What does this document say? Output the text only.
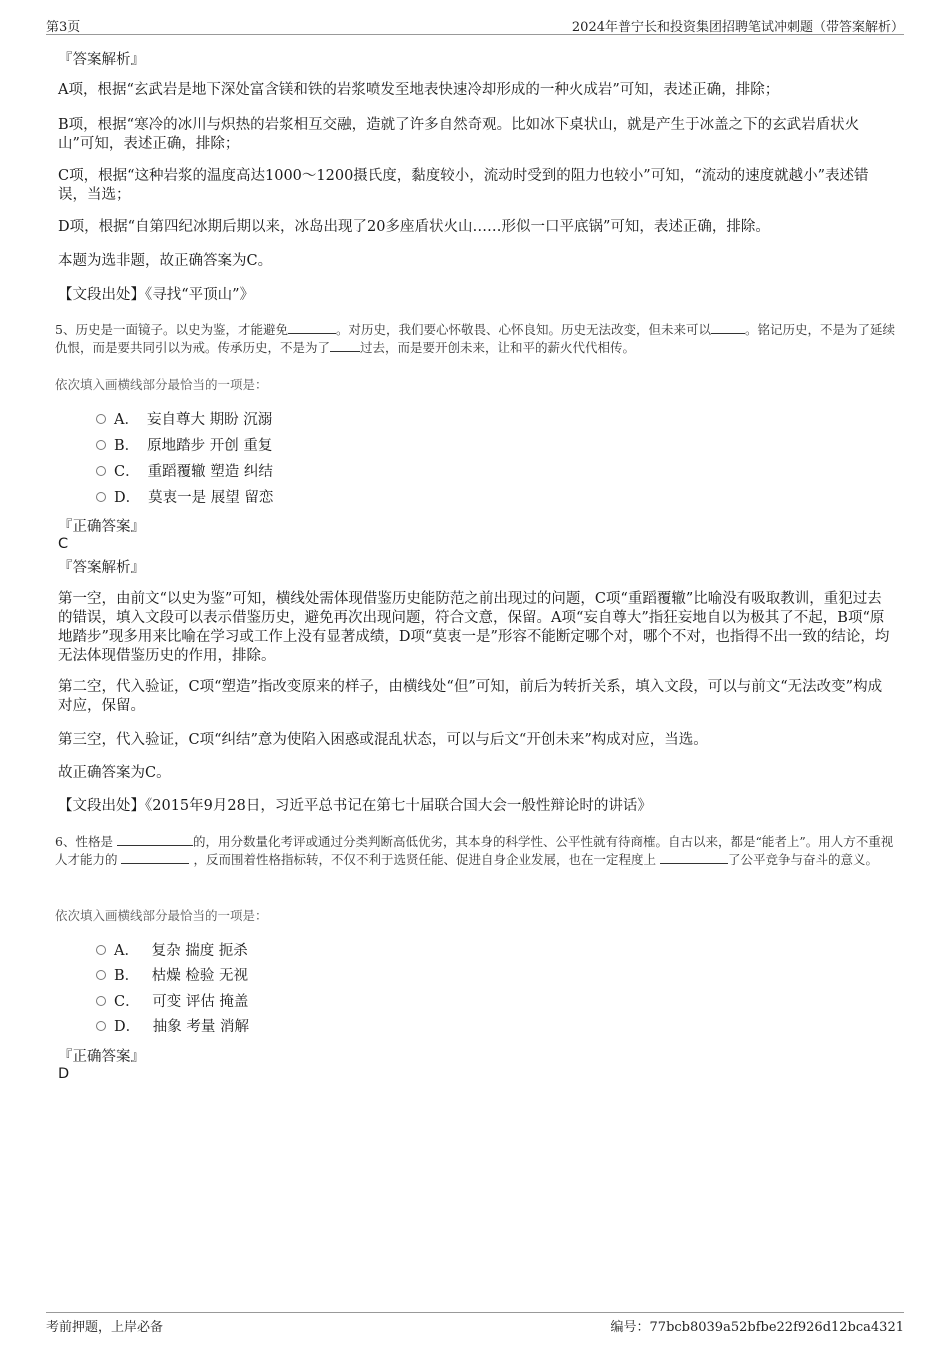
第3页	2024年普宁长和投资集团招聘笔试冲刺题（带答案解析）
『答案解析』

A项，根据“玄武岩是地下深处富含镁和铁的岩浆喷发至地表快速冷却形成的一种火成岩”可知，表述正确，排除；

B项，根据“寒冷的冰川与炽热的岩浆相互交融，造就了许多自然奇观。比如冰下桌状山，就是产生于冰盖之下的玄武岩盾状火山”可知，表述正确，排除；

C项，根据“这种岩浆的温度高达1000～1200摄氏度，黏度较小，流动时受到的阻力也较小”可知，“流动的速度就越小”表述错误，当选；

D项，根据“自第四纪冰期后期以来，冰岛出现了20多座盾状火山……形似一口平底锅”可知，表述正确，排除。

本题为选非题，故正确答案为C。

【文段出处】《寻找“平顶山”》

5、历史是一面镜子。以史为鉴，才能避免	。对历史，我们要心怀敬畏、心怀良知。历史无法改变，但未来可以	。铭记历史，不是为了延续仇恨，而是要共同引以为戒。传承历史，不是为了 过去，而是要开创未来，让和平的薪火代代相传。

依次填入画横线部分最恰当的一项是：
A． 妄自尊大 期盼 沉溺
B． 原地踏步 开创 重复
C． 重蹈覆辙 塑造 纠结
D． 莫衷一是 展望 留恋
『正确答案』
C
『答案解析』

第一空，由前文“以史为鉴”可知，横线处需体现借鉴历史能防范之前出现过的问题，C项“重蹈覆辙”比喻没有吸取教训，重犯过去的错误，填入文段可以表示借鉴历史，避免再次出现问题，符合文意，保留。A项“妄自尊大”指狂妄地自以为极其了不起，B项“原地踏步”现多用来比喻在学习或工作上没有显著成绩，D项“莫衷一是”形容不能断定哪个对，哪个不对，也指得不出一致的结论，均无法体现借鉴历史的作用，排除。

第二空，代入验证，C项“塑造”指改变原来的样子，由横线处“但”可知，前后为转折关系，填入文段，可以与前文“无法改变”构成对应，保留。

第三空，代入验证，C项“纠结”意为使陷入困惑或混乱状态，可以与后文“开创未来”构成对应，当选。

故正确答案为C。

【文段出处】《2015年9月28日，习近平总书记在第七十届联合国大会一般性辩论时的讲话》

6、性格是	的，用分数量化考评或通过分类判断高低优劣，其本身的科学性、公平性就有待商榷。自古以来，都是“能者上”。用人方不重视人才能力的	，反而围着性格指标转，不仅不利于选贤任能、促进自身企业发展，也在一定程度上	了公平竞争与奋斗的意义。

依次填入画横线部分最恰当的一项是：
A． 复杂 揣度 扼杀
B． 枯燥 检验 无视
C． 可变 评估 掩盖
D． 抽象 考量 消解
『正确答案』
D
考前押题，上岸必备	编号：77bcb8039a52bfbe22f926d12bca4321
